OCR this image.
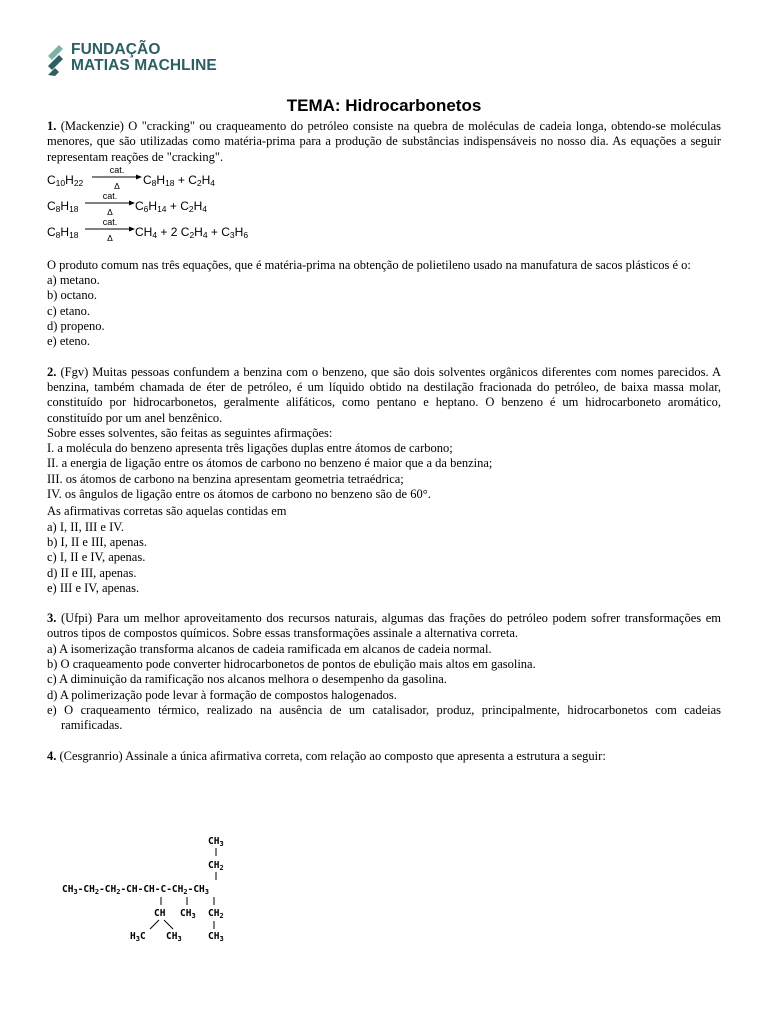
FUNDAÇÃO
MATIAS MACHLINE
TEMA: Hidrocarbonetos

1. (Mackenzie) O "cracking" ou craqueamento do petróleo consiste na quebra de moléculas de cadeia longa, obtendo-se moléculas menores, que são utilizadas como matéria-prima para a produção de substâncias indispensáveis no nosso dia. As equações a seguir representam reações de "cracking".

$C_{10}H_{22}$
cat.
Δ	$C_8H_{18} + C_2H_4$
$C_8H_{18}$
cat.
Δ	$C_6H_{14} + C_2H_4$
$C_8H_{18}$
cat.
Δ	$CH_4 + 2$ $C_2H_4 + C_3H_6$

O produto comum nas três equações, que é matéria-prima na obtenção de polietileno usado na manufatura de sacos plásticos é o:

a) metano.
b) octano.
c) etano.
d) propeno.
e) eteno.

2. (Fgv) Muitas pessoas confundem a benzina com o benzeno, que são dois solventes orgânicos diferentes com nomes parecidos. A benzina, também chamada de éter de petróleo, é um líquido obtido na destilação fracionada do petróleo, de baixa massa molar, constituído por hidrocarbonetos, geralmente alifáticos, como pentano e heptano. O benzeno é um hidrocarboneto aromático, constituído por um anel benzênico.

Sobre esses solventes, são feitas as seguintes afirmações:

I. a molécula do benzeno apresenta três ligações duplas entre átomos de carbono;
II. a energia de ligação entre os átomos de carbono no benzeno é maior que a da benzina;
III. os átomos de carbono na benzina apresentam geometria tetraédrica;
IV. os ângulos de ligação entre os átomos de carbono no benzeno são de 60°.
As afirmativas corretas são aquelas contidas em
a) I, II, III e IV.
b) I, II e III, apenas.
c) I, II e IV, apenas.
d) II e III, apenas.
e) III e IV, apenas.

3. (Ufpi) Para um melhor aproveitamento dos recursos naturais, algumas das frações do petróleo podem sofrer transformações em outros tipos de compostos químicos. Sobre essas transformações assinale a alternativa correta.

a) A isomerização transforma alcanos de cadeia ramificada em alcanos de cadeia normal.
b) O craqueamento pode converter hidrocarbonetos de pontos de ebulição mais altos em gasolina.
c) A diminuição da ramificação nos alcanos melhora o desempenho da gasolina.
d) A polimerização pode levar à formação de compostos halogenados.
e) O craqueamento térmico, realizado na ausência de um catalisador, produz, principalmente, hidrocarbonetos com cadeias ramificadas.

4. (Cesgranrio) Assinale a única afirmativa correta, com relação ao composto que apresenta a estrutura a seguir:

$CH_3$
$CH_2$
$CH_3-CH_2-CH_2-CH-CH-C-CH_2-CH_3$
CH $CH_3$ $CH_2$
$H_3C$ $CH_3$	$CH_3$
